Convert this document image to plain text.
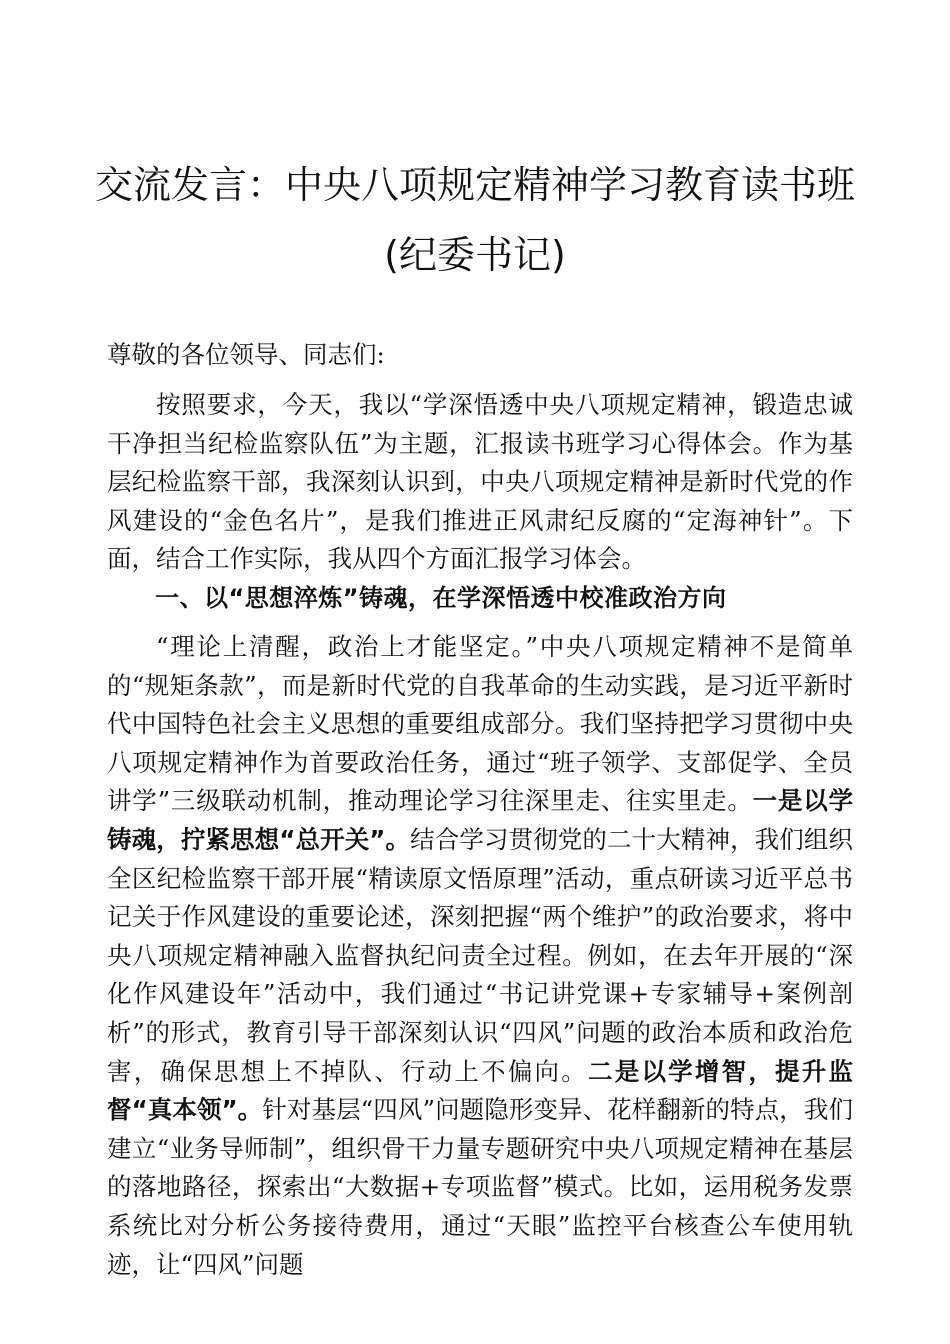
交流发言：中央八项规定精神学习教育读书班
(纪委书记)
尊敬的各位领导、同志们:
按照要求，今天，我以“学深悟透中央八项规定精神，锻造忠诚干净担当纪检监察队伍”为主题，汇报读书班学习心得体会。作为基层纪检监察干部，我深刻认识到，中央八项规定精神是新时代党的作风建设的“金色名片”，是我们推进正风肃纪反腐的“定海神针”。下面，结合工作实际，我从四个方面汇报学习体会。
一、以“思想淬炼”铸魂，在学深悟透中校准政治方向
“理论上清醒，政治上才能坚定。”中央八项规定精神不是简单的“规矩条款”，而是新时代党的自我革命的生动实践，是习近平新时代中国特色社会主义思想的重要组成部分。我们坚持把学习贯彻中央八项规定精神作为首要政治任务，通过“班子领学、支部促学、全员讲学”三级联动机制，推动理论学习往深里走、往实里走。一是以学铸魂，拧紧思想“总开关”。结合学习贯彻党的二十大精神，我们组织全区纪检监察干部开展“精读原文悟原理”活动，重点研读习近平总书记关于作风建设的重要论述，深刻把握“两个维护”的政治要求，将中央八项规定精神融入监督执纪问责全过程。例如，在去年开展的“深化作风建设年”活动中，我们通过“书记讲党课+专家辅导+案例剖析”的形式，教育引导干部深刻认识“四风”问题的政治本质和政治危害，确保思想上不掉队、行动上不偏向。二是以学增智，提升监督“真本领”。针对基层“四风”问题隐形变异、花样翻新的特点，我们建立“业务导师制”，组织骨干力量专题研究中央八项规定精神在基层的落地路径，探索出“大数据+专项监督”模式。比如，运用税务发票系统比对分析公务接待费用，通过“天眼”监控平台核查公车使用轨迹，让“四风”问题
